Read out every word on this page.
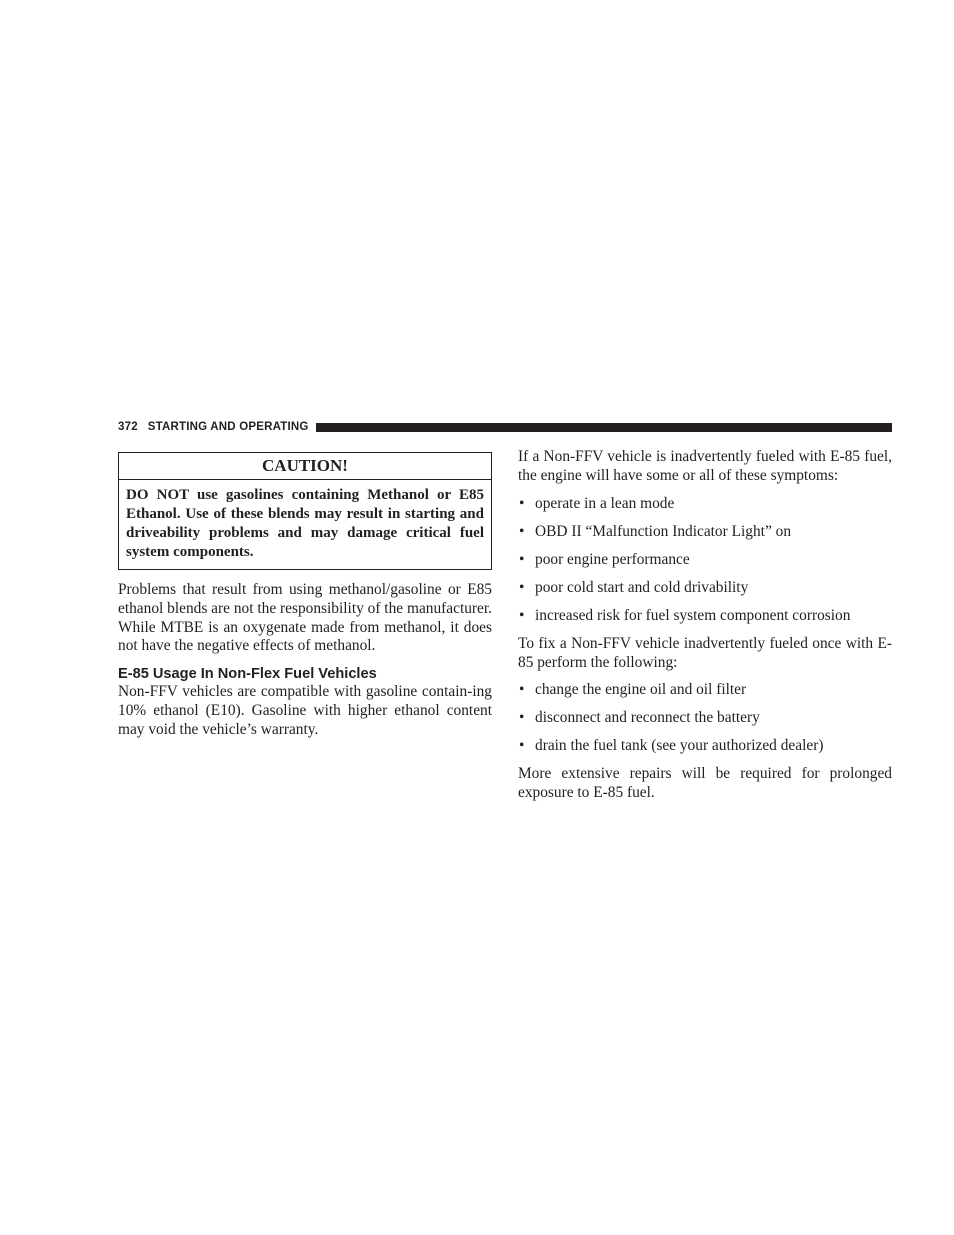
372 STARTING AND OPERATING
CAUTION!
DO NOT use gasolines containing Methanol or E85 Ethanol. Use of these blends may result in starting and driveability problems and may damage critical fuel system components.

Problems that result from using methanol/gasoline or E85 ethanol blends are not the responsibility of the manufacturer. While MTBE is an oxygenate made from methanol, it does not have the negative effects of methanol.

E-85 Usage In Non-Flex Fuel Vehicles

Non-FFV vehicles are compatible with gasoline contain-ing 10% ethanol (E10). Gasoline with higher ethanol content may void the vehicle’s warranty.

If a Non-FFV vehicle is inadvertently fueled with E-85 fuel, the engine will have some or all of these symptoms:

• operate in a lean mode
• OBD II “Malfunction Indicator Light” on
• poor engine performance
• poor cold start and cold drivability
• increased risk for fuel system component corrosion

To fix a Non-FFV vehicle inadvertently fueled once with E-85 perform the following:

• change the engine oil and oil filter
• disconnect and reconnect the battery
• drain the fuel tank (see your authorized dealer)

More extensive repairs will be required for prolonged exposure to E-85 fuel.
